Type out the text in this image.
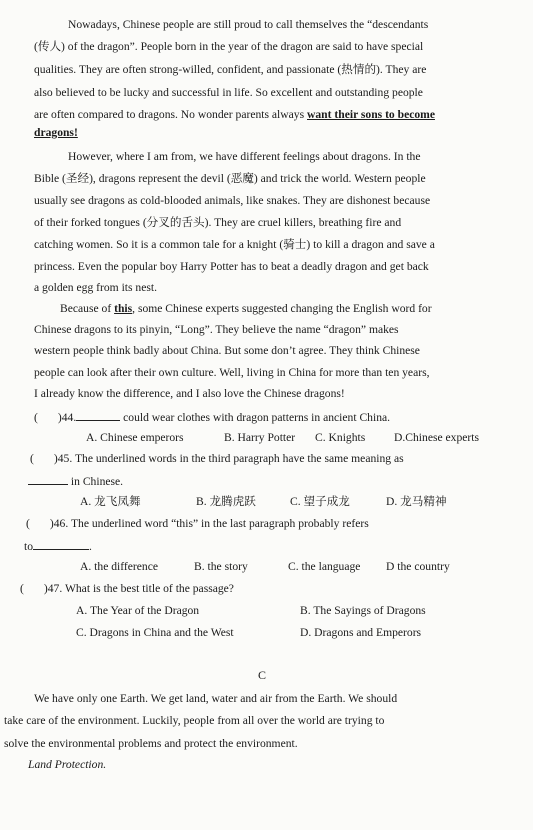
Nowadays, Chinese people are still proud to call themselves the “descendants
(传人) of the dragon”. People born in the year of the dragon are said to have special
qualities. They are often strong-willed, confident, and passionate (热情的). They are
also believed to be lucky and successful in life. So excellent and outstanding people
are often compared to dragons. No wonder parents always want their sons to become
dragons!
However, where I am from, we have different feelings about dragons. In the
Bible (圣经), dragons represent the devil (恶魔) and trick the world. Western people
usually see dragons as cold-blooded animals, like snakes. They are dishonest because
of their forked tongues (分叉的舌头). They are cruel killers, breathing fire and
catching women. So it is a common tale for a knight (骑士) to kill a dragon and save a
princess. Even the popular boy Harry Potter has to beat a deadly dragon and get back
a golden egg from its nest.
Because of this, some Chinese experts suggested changing the English word for
Chinese dragons to its pinyin, “Long”. They believe the name “dragon” makes
western people think badly about China. But some don’t agree. They think Chinese
people can look after their own culture. Well, living in China for more than ten years,
I already know the difference, and I also love the Chinese dragons!
( )44.	could wear clothes with dragon patterns in ancient China.
A. Chinese emperors	B. Harry Potter C. Knights D.Chinese experts
( )45. The underlined words in the third paragraph have the same meaning as
in Chinese.
A. 龙飞凤舞	B. 龙腾虎跃	C. 望子成龙	D. 龙马精神
( )46. The underlined word “this” in the last paragraph probably refers
to	.
A. the difference	B. the story	C. the language D the country
( )47. What is the best title of the passage?
A. The Year of the Dragon	B. The Sayings of Dragons
C. Dragons in China and the West	D. Dragons and Emperors
C
We have only one Earth. We get land, water and air from the Earth. We should
take care of the environment. Luckily, people from all over the world are trying to
solve the environmental problems and protect the environment.
Land Protection.
